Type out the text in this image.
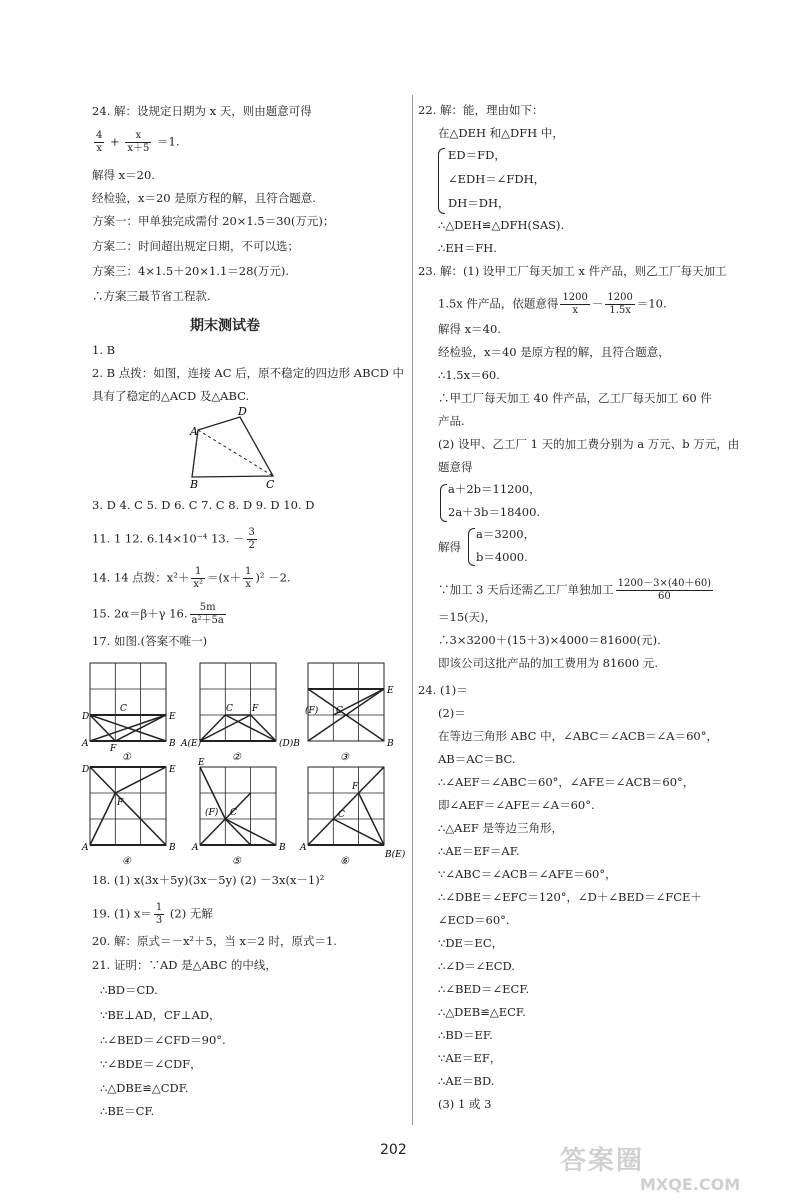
24. 解：设规定日期为 x 天，则由题意可得
$\frac{4}{x} + \frac{x}{x+5} =1$.
解得 x＝20.
经检验，x＝20 是原方程的解，且符合题意.
方案一：甲单独完成需付 20×1.5＝30(万元)；
方案二：时间超出规定日期，不可以选；
方案三：4×1.5＋20×1.1＝28(万元).
∴方案三最节省工程款.
期末测试卷
1. B
2. B 点拨：如图，连接 AC 后，原不稳定的四边形 ABCD 中
具有了稳定的△ACD 及△ABC.
A
B	C
D
3. D 4. C 5. D 6. C 7. C 8. D 9. D 10. D
11. 1 12. 6.14×10⁻⁴ 13. － $\frac{3}{2}$
14. 14 点拨：$x^2+ \frac{1}{\text{x²}} =(x+ \frac{1}{x} )^2 -2$.
15. 2α＝β＋γ 16. $\frac{5m}{\text{a²＋5a}}$
17. 如图.(答案不唯一)
D	E
C
A F	B
①
C F
A(E)	(D)B
②
(F) C
E
B
③
D	E
F
A	B
④
E
(F) C
A	B
⑤
F
C
A
B(E)
⑥
18. (1) x(3x＋5y)(3x－5y) (2) －3x(x－1)²
19. (1) $x= \frac{1}{3} (2)$ 无解
20. 解：原式＝－x²＋5，当 x＝2 时，原式＝1.
21. 证明：∵AD 是△ABC 的中线，
∴BD＝CD.
∵BE⊥AD，CF⊥AD，
∴∠BED＝∠CFD＝90°.
∵∠BDE＝∠CDF，
∴△DBE≌△CDF.
∴BE＝CF.
22. 解：能，理由如下：
在△DEH 和△DFH 中，
ED＝FD，
∠EDH＝∠FDH，
DH＝DH，
∴△DEH≌△DFH(SAS).
∴EH＝FH.
23. 解：(1) 设甲工厂每天加工 x 件产品，则乙工厂每天加工
1.5x 件产品，依题意得 $\frac{1200}{x} - \frac{1200}{1.5x} =10$.
解得 x＝40.
经检验，x＝40 是原方程的解，且符合题意，
∴1.5x＝60.
∴甲工厂每天加工 40 件产品，乙工厂每天加工 60 件
产品.
(2) 设甲、乙工厂 1 天的加工费分别为 a 万元、b 万元，由
题意得
a＋2b＝11200，
2a＋3b＝18400.
解得
a＝3200，
b＝4000.
∵加工 3 天后还需乙工厂单独加工 $\frac{1200-3\times(40+60)}{60}$
＝15(天)，
∴3×3200＋(15＋3)×4000＝81600(元).
即该公司这批产品的加工费用为 81600 元.
24. (1)＝
(2)＝
在等边三角形 ABC 中，∠ABC＝∠ACB＝∠A＝60°，
AB＝AC＝BC.
∴∠AEF＝∠ABC＝60°，∠AFE＝∠ACB＝60°，
即∠AEF＝∠AFE＝∠A＝60°.
∴△AEF 是等边三角形，
∴AE＝EF＝AF.
∵∠ABC＝∠ACB＝∠AFE＝60°，
∴∠DBE＝∠EFC＝120°，∠D＋∠BED＝∠FCE＋
∠ECD＝60°.
∵DE＝EC，
∴∠D＝∠ECD.
∴∠BED＝∠ECF.
∴△DEB≌△ECF.
∴BD＝EF.
∵AE＝EF，
∴AE＝BD.
(3) 1 或 3
202	答案圈
MXQE.COM
